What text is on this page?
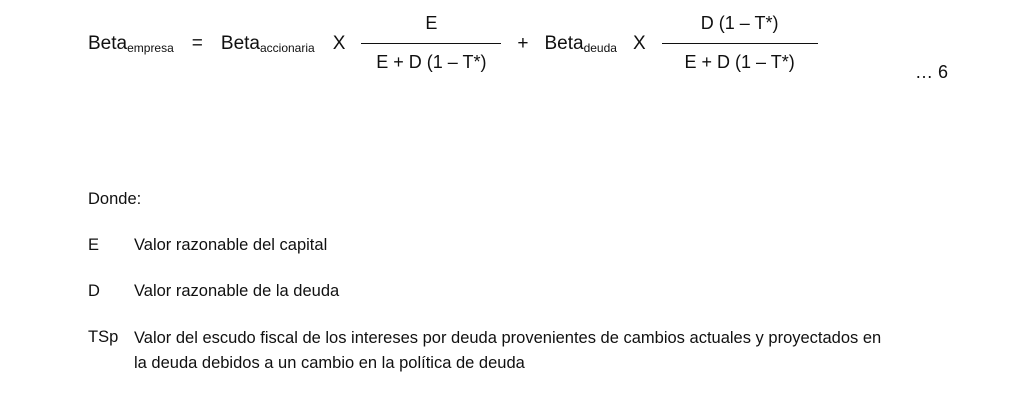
Beta$_{empresa}$ = Beta$_{accionaria}$ X $\frac{E}{E + D (1 - T*)}$ + Beta$_{deuda}$ X $\frac{D (1 - T*)}{E + D (1 - T*)}$	… 6
Donde:
E	Valor razonable del capital
D	Valor razonable de la deuda
TSp Valor del escudo fiscal de los intereses por deuda provenientes de cambios actuales y proyectados en la deuda debidos a un cambio en la política de deuda
